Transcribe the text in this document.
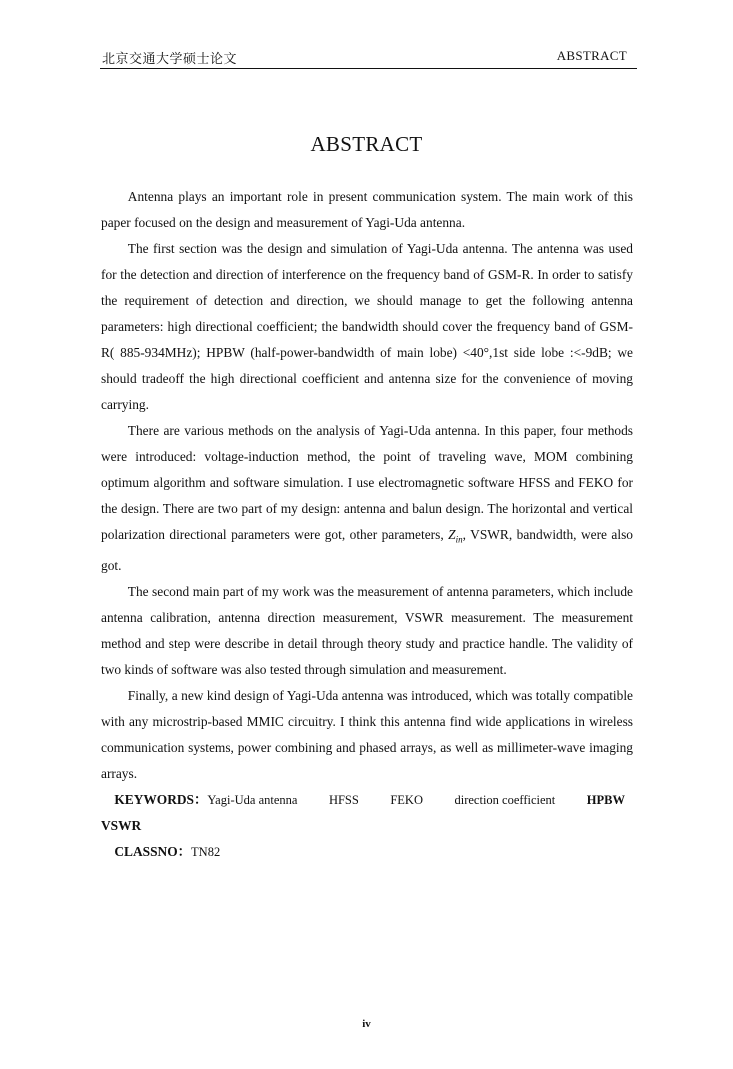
北京交通大学硕士论文	ABSTRACT
ABSTRACT

Antenna plays an important role in present communication system. The main work of this paper focused on the design and measurement of Yagi-Uda antenna.

The first section was the design and simulation of Yagi-Uda antenna. The antenna was used for the detection and direction of interference on the frequency band of GSM-R. In order to satisfy the requirement of detection and direction, we should manage to get the following antenna parameters: high directional coefficient; the bandwidth should cover the frequency band of GSM-R( 885-934MHz); HPBW (half-power-bandwidth of main lobe) <40°,1st side lobe :<-9dB; we should tradeoff the high directional coefficient and antenna size for the convenience of moving carrying.

There are various methods on the analysis of Yagi-Uda antenna. In this paper, four methods were introduced: voltage-induction method, the point of traveling wave, MOM combining optimum algorithm and software simulation. I use electromagnetic software HFSS and FEKO for the design. There are two part of my design: antenna and balun design. The horizontal and vertical polarization directional parameters were got, other parameters, $Z_{in}$, VSWR, bandwidth, were also got.

The second main part of my work was the measurement of antenna parameters, which include antenna calibration, antenna direction measurement, VSWR measurement. The measurement method and step were describe in detail through theory study and practice handle. The validity of two kinds of software was also tested through simulation and measurement.

Finally, a new kind design of Yagi-Uda antenna was introduced, which was totally compatible with any microstrip-based MMIC circuitry. I think this antenna find wide applications in wireless communication systems, power combining and phased arrays, as well as millimeter-wave imaging arrays.

KEYWORDS：Yagi-Uda antenna	HFSS	FEKO	direction coefficient	HPBW

VSWR

CLASSNO：TN82

iv
